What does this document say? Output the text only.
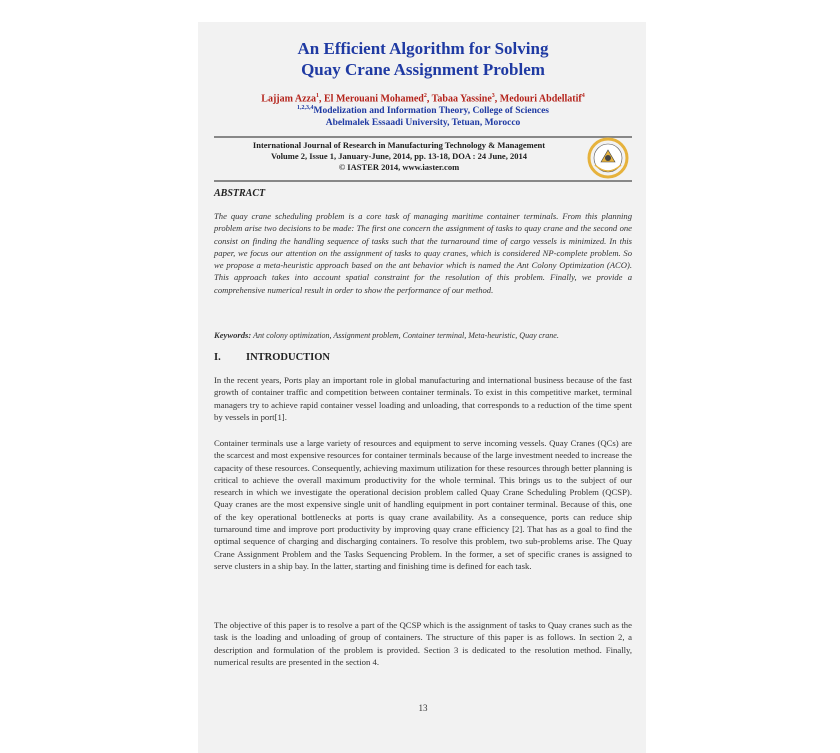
An Efficient Algorithm for Solving
Quay Crane Assignment Problem
Lajjam Azza$^1$, El Merouani Mohamed$^2$, Tabaa Yassine$^3$, Medouri Abdellatif$^4$
$^{1,2,3,4}$Modelization and Information Theory, College of Sciences
Abelmalek Essaadi University, Tetuan, Morocco
International Journal of Research in Manufacturing Technology & Management
Volume 2, Issue 1, January-June, 2014, pp. 13-18, DOA : 24 June, 2014
© IASTER 2014, www.iaster.com
ABSTRACT
The quay crane scheduling problem is a core task of managing maritime container terminals. From this planning problem arise two decisions to be made: The first one concern the assignment of tasks to quay crane and the second one consist on finding the handling sequence of tasks such that the turnaround time of cargo vessels is minimized. In this paper, we focus our attention on the assignment of tasks to quay cranes, which is considered NP-complete problem. So we propose a meta-heuristic approach based on the ant behavior which is named the Ant Colony Optimization (ACO). This approach takes into account spatial constraint for the resolution of this problem. Finally, we provide a comprehensive numerical result in order to show the performance of our method.
Keywords: Ant colony optimization, Assignment problem, Container terminal, Meta-heuristic, Quay crane.
I. INTRODUCTION
In the recent years, Ports play an important role in global manufacturing and international business because of the fast growth of container traffic and competition between container terminals. To exist in this competitive market, terminal managers try to achieve rapid container vessel loading and unloading, that corresponds to a reduction of the time spent by vessels in port[1].
Container terminals use a large variety of resources and equipment to serve incoming vessels. Quay Cranes (QCs) are the scarcest and most expensive resources for container terminals because of the large investment needed to increase the capacity of these resources. Consequently, achieving maximum utilization for these resources through better planning is critical to achieve the overall maximum productivity for the whole terminal. This brings us to the subject of our research in which we investigate the operational decision problem called Quay Crane Scheduling Problem (QCSP). Quay cranes are the most expensive single unit of handling equipment in port container terminal. Because of this, one of the key operational bottlenecks at ports is quay crane availability. As a consequence, ports can reduce ship turnaround time and improve port productivity by improving quay crane efficiency [2]. That has as a goal to find the optimal sequence of charging and discharging containers. To resolve this problem, two sub-problems arise. The Quay Crane Assignment Problem and the Tasks Sequencing Problem. In the former, a set of specific cranes is assigned to serve clusters in a ship bay. In the latter, starting and finishing time is defined for each task.
The objective of this paper is to resolve a part of the QCSP which is the assignment of tasks to Quay cranes such as the task is the loading and unloading of group of containers. The structure of this paper is as follows. In section 2, a description and formulation of the problem is provided. Section 3 is dedicated to the resolution method. Finally, numerical results are presented in the section 4.
13
